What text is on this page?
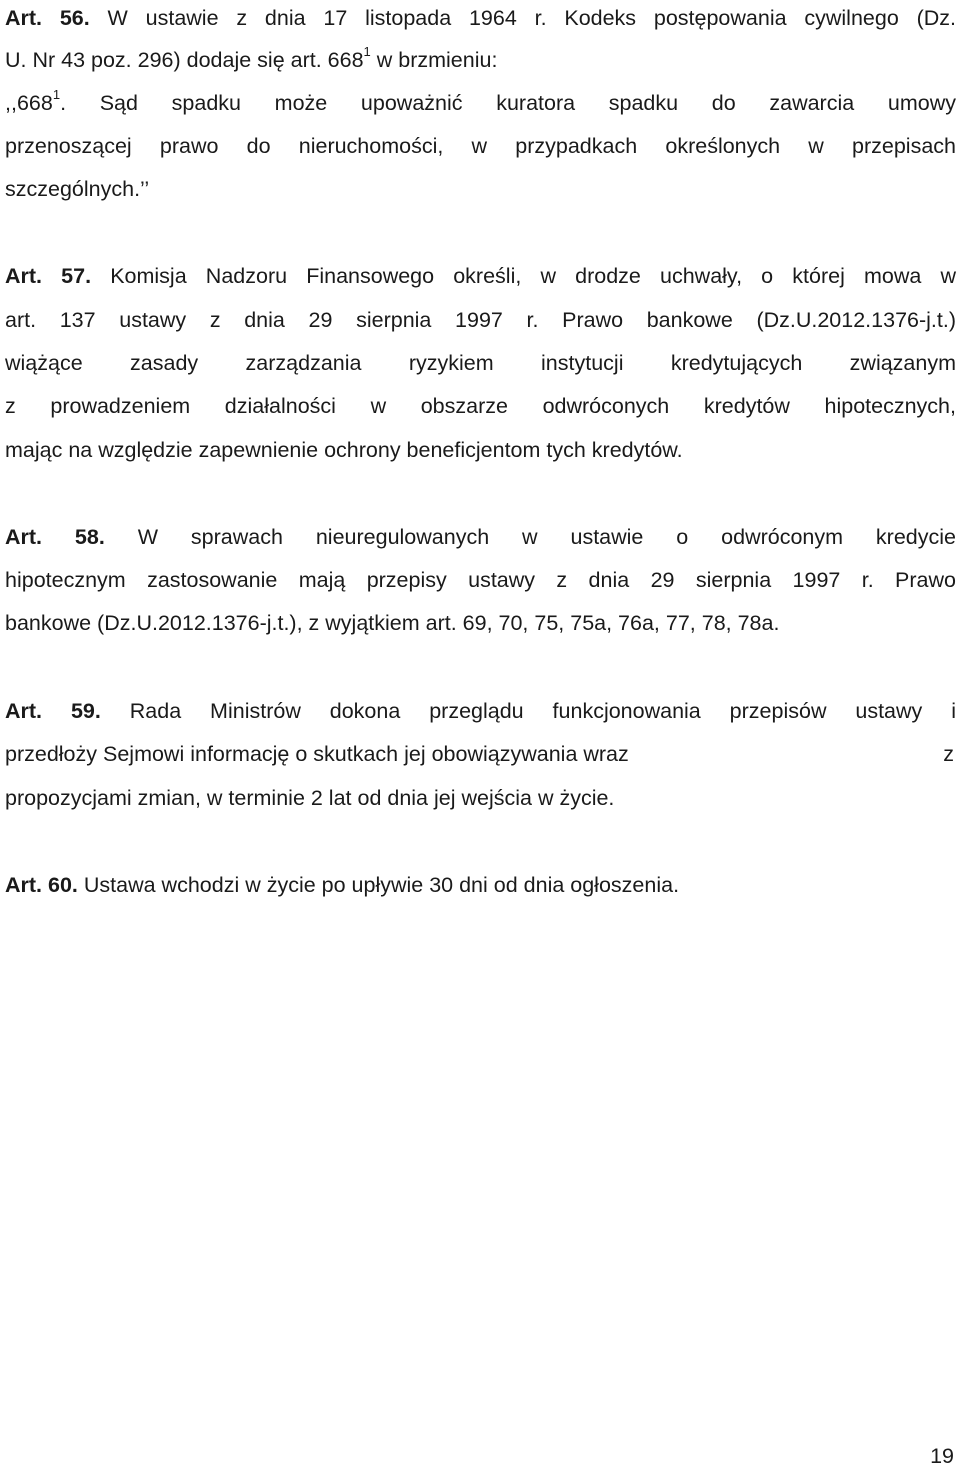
Art. 56. W ustawie z dnia 17 listopada 1964 r. Kodeks postępowania cywilnego (Dz.
U. Nr 43 poz. 296) dodaje się art. $668^1$ w brzmieniu:
,,668$^1$. Sąd spadku może upoważnić kuratora spadku do zawarcia umowy
przenoszącej prawo do nieruchomości, w przypadkach określonych w przepisach
szczególnych.’’
Art. 57. Komisja Nadzoru Finansowego określi, w drodze uchwały, o której mowa w
art. 137 ustawy z dnia 29 sierpnia 1997 r. Prawo bankowe (Dz.U.2012.1376-j.t.)
wiążące zasady zarządzania ryzykiem instytucji kredytujących związanym
z prowadzeniem działalności w obszarze odwróconych kredytów hipotecznych,
mając na względzie zapewnienie ochrony beneficjentom tych kredytów.
Art. 58. W sprawach nieuregulowanych w ustawie o odwróconym kredycie
hipotecznym zastosowanie mają przepisy ustawy z dnia 29 sierpnia 1997 r. Prawo
bankowe (Dz.U.2012.1376-j.t.), z wyjątkiem art. 69, 70, 75, 75a, 76a, 77, 78, 78a.
Art. 59. Rada Ministrów dokona przeglądu funkcjonowania przepisów ustawy i
przedłoży Sejmowi informację o skutkach jej obowiązywania wraz	z
propozycjami zmian, w terminie 2 lat od dnia jej wejścia w życie.
Art. 60. Ustawa wchodzi w życie po upływie 30 dni od dnia ogłoszenia.
19
